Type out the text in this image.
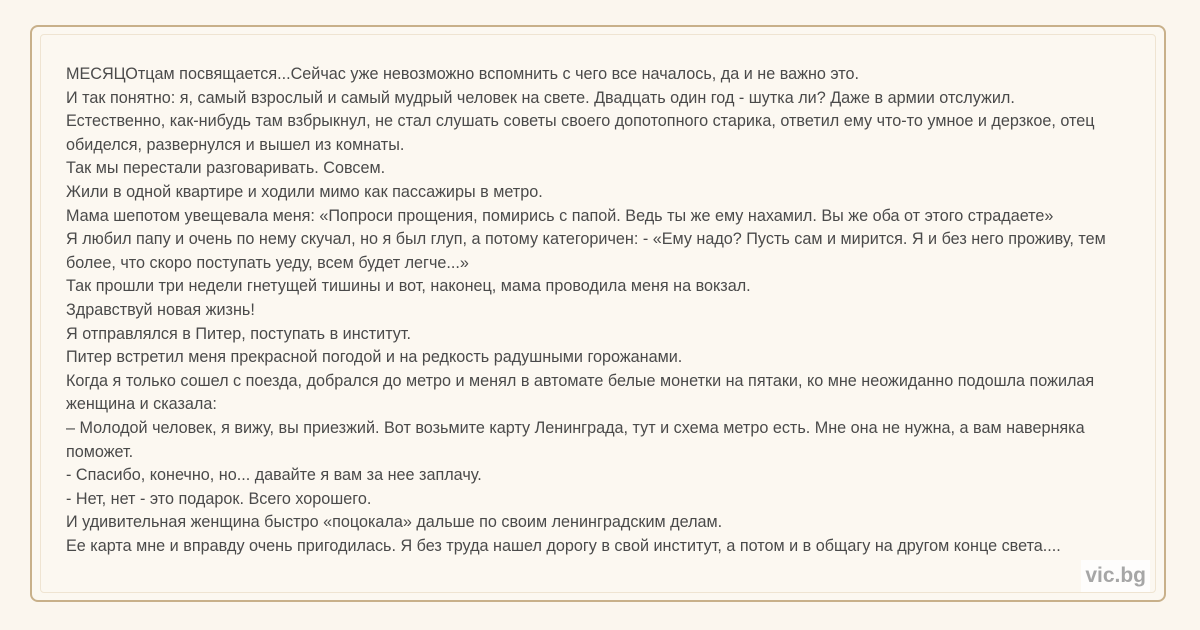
МЕСЯЦОтцам посвящается...Сейчас уже невозможно вспомнить с чего все началось, да и не важно это.

И так понятно: я, самый взрослый и самый мудрый человек на свете. Двадцать один год - шутка ли? Даже в армии отслужил.

Естественно, как-нибудь там взбрыкнул, не стал слушать советы своего допотопного старика, ответил ему что-то умное и дерзкое, отец обиделся, развернулся и вышел из комнаты.

Так мы перестали разговаривать. Совсем.

Жили в одной квартире и ходили мимо как пассажиры в метро.

Мама шепотом увещевала меня: «Попроси прощения, помирись с папой. Ведь ты же ему нахамил. Вы же оба от этого страдаете»

Я любил папу и очень по нему скучал, но я был глуп, а потому категоричен: - «Ему надо? Пусть сам и мирится. Я и без него проживу, тем более, что скоро поступать уеду, всем будет легче...»

Так прошли три недели гнетущей тишины и вот, наконец, мама проводила меня на вокзал.

Здравствуй новая жизнь!

Я отправлялся в Питер, поступать в институт.

Питер встретил меня прекрасной погодой и на редкость радушными горожанами.

Когда я только сошел с поезда, добрался до метро и менял в автомате белые монетки на пятаки, ко мне неожиданно подошла пожилая женщина и сказала:

– Молодой человек, я вижу, вы приезжий. Вот возьмите карту Ленинграда, тут и схема метро есть. Мне она не нужна, а вам наверняка поможет.

- Спасибо, конечно, но... давайте я вам за нее заплачу.

- Нет, нет - это подарок. Всего хорошего.

И удивительная женщина быстро «поцокала» дальше по своим ленинградским делам.

Ее карта мне и вправду очень пригодилась. Я без труда нашел дорогу в свой институт, а потом и в общагу на другом конце света....

vic.bg
